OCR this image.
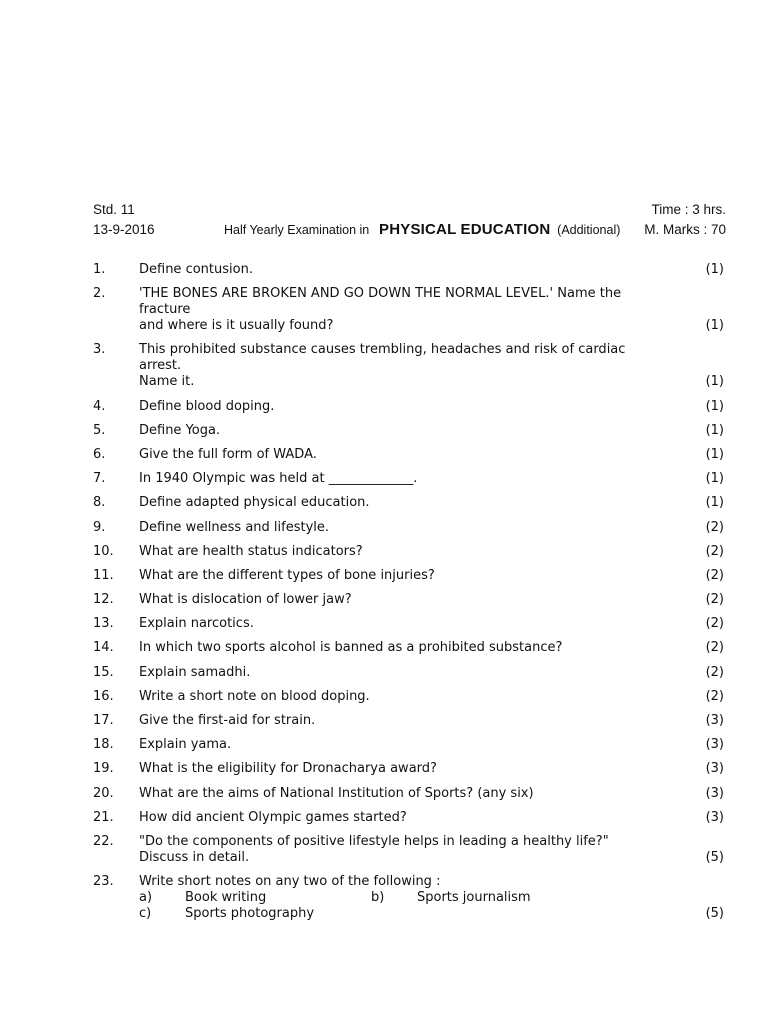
Std. 11	Time : 3 hrs.
13-9-2016	Half Yearly Examination in PHYSICAL EDUCATION (Additional) M. Marks : 70
1.	Define contusion.	(1)
2.	'THE BONES ARE BROKEN AND GO DOWN THE NORMAL LEVEL.' Name the fracture
and where is it usually found?	(1)
3.	This prohibited substance causes trembling, headaches and risk of cardiac arrest.
Name it.	(1)
4.	Define blood doping.	(1)
5.	Define Yoga.	(1)
6.	Give the full form of WADA.	(1)
7.	In 1940 Olympic was held at _____________.	(1)
8.	Define adapted physical education.	(1)
9.	Define wellness and lifestyle.	(2)
10.	What are health status indicators?	(2)
11.	What are the different types of bone injuries?	(2)
12.	What is dislocation of lower jaw?	(2)
13.	Explain narcotics.	(2)
14.	In which two sports alcohol is banned as a prohibited substance?	(2)
15.	Explain samadhi.	(2)
16.	Write a short note on blood doping.	(2)
17.	Give the first-aid for strain.	(3)
18.	Explain yama.	(3)
19.	What is the eligibility for Dronacharya award?	(3)
20.	What are the aims of National Institution of Sports? (any six)	(3)
21.	How did ancient Olympic games started?	(3)
22.	"Do the components of positive lifestyle helps in leading a healthy life?"
Discuss in detail.	(5)
23.	Write short notes on any two of the following :
a)	Book writing	b)	Sports journalism
c)	Sports photography	(5)
